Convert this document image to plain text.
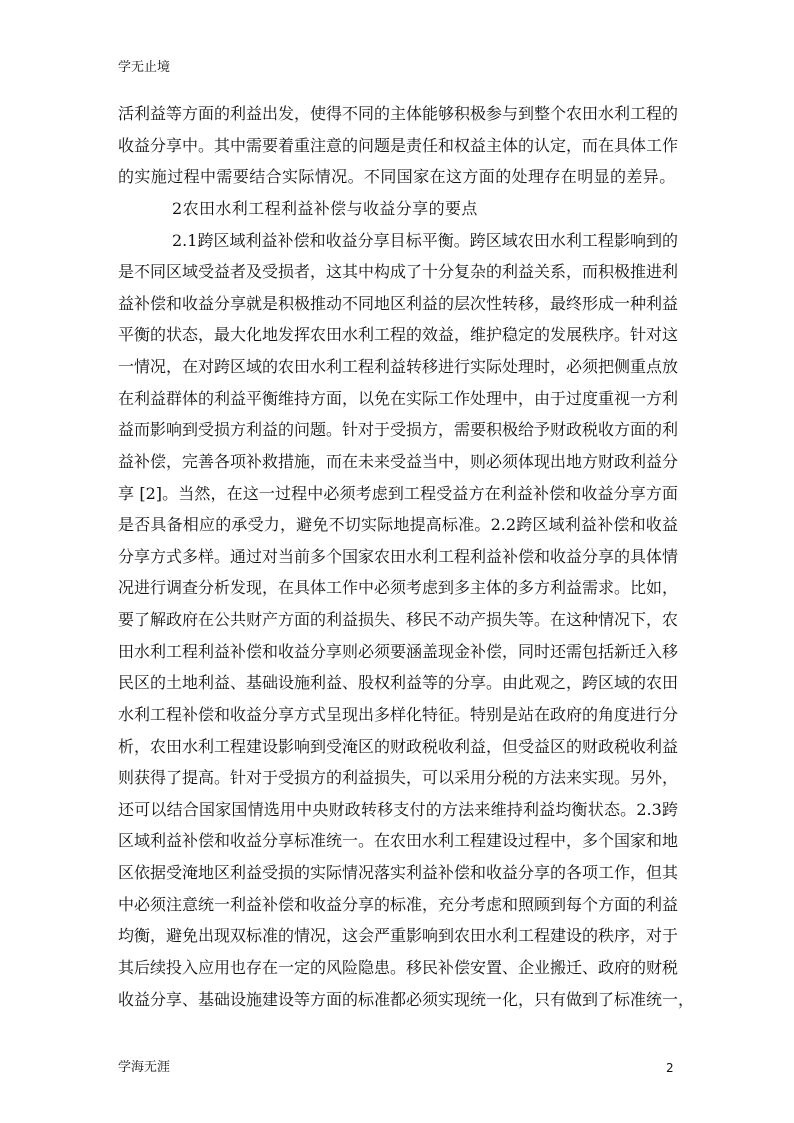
学无止境
活利益等方面的利益出发，使得不同的主体能够积极参与到整个农田水利工程的
收益分享中。其中需要着重注意的问题是责任和权益主体的认定，而在具体工作
的实施过程中需要结合实际情况。不同国家在这方面的处理存在明显的差异。
2农田水利工程利益补偿与收益分享的要点
2.1跨区域利益补偿和收益分享目标平衡。跨区域农田水利工程影响到的
是不同区域受益者及受损者，这其中构成了十分复杂的利益关系，而积极推进利
益补偿和收益分享就是积极推动不同地区利益的层次性转移，最终形成一种利益
平衡的状态，最大化地发挥农田水利工程的效益，维护稳定的发展秩序。针对这
一情况，在对跨区域的农田水利工程利益转移进行实际处理时，必须把侧重点放
在利益群体的利益平衡维持方面，以免在实际工作处理中，由于过度重视一方利
益而影响到受损方利益的问题。针对于受损方，需要积极给予财政税收方面的利
益补偿，完善各项补救措施，而在未来受益当中，则必须体现出地方财政利益分
享 [2]。当然，在这一过程中必须考虑到工程受益方在利益补偿和收益分享方面
是否具备相应的承受力，避免不切实际地提高标准。2.2跨区域利益补偿和收益
分享方式多样。通过对当前多个国家农田水利工程利益补偿和收益分享的具体情
况进行调查分析发现，在具体工作中必须考虑到多主体的多方利益需求。比如，
要了解政府在公共财产方面的利益损失、移民不动产损失等。在这种情况下，农
田水利工程利益补偿和收益分享则必须要涵盖现金补偿，同时还需包括新迁入移
民区的土地利益、基础设施利益、股权利益等的分享。由此观之，跨区域的农田
水利工程补偿和收益分享方式呈现出多样化特征。特别是站在政府的角度进行分
析，农田水利工程建设影响到受淹区的财政税收利益，但受益区的财政税收利益
则获得了提高。针对于受损方的利益损失，可以采用分税的方法来实现。另外，
还可以结合国家国情选用中央财政转移支付的方法来维持利益均衡状态。2.3跨
区域利益补偿和收益分享标准统一。在农田水利工程建设过程中，多个国家和地
区依据受淹地区利益受损的实际情况落实利益补偿和收益分享的各项工作，但其
中必须注意统一利益补偿和收益分享的标准，充分考虑和照顾到每个方面的利益
均衡，避免出现双标准的情况，这会严重影响到农田水利工程建设的秩序，对于
其后续投入应用也存在一定的风险隐患。移民补偿安置、企业搬迁、政府的财税
收益分享、基础设施建设等方面的标准都必须实现统一化，只有做到了标准统一，
学海无涯	2
